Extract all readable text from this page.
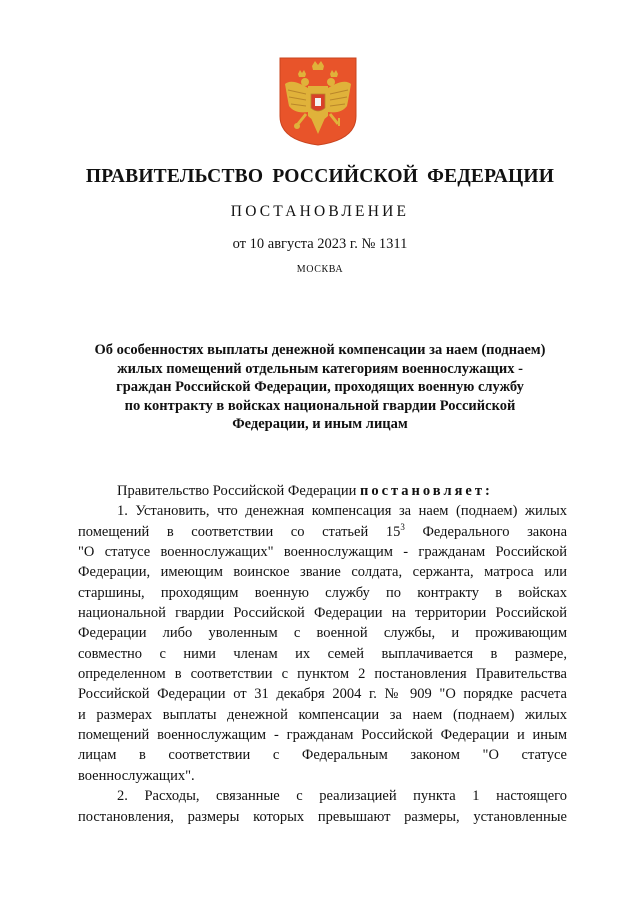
ПРАВИТЕЛЬСТВО РОССИЙСКОЙ ФЕДЕРАЦИИ
ПОСТАНОВЛЕНИЕ
от 10 августа 2023 г. № 1311
МОСКВА
Об особенностях выплаты денежной компенсации за наем (поднаем)
жилых помещений отдельным категориям военнослужащих -
граждан Российской Федерации, проходящих военную службу
по контракту в войсках национальной гвардии Российской
Федерации, и иным лицам
Правительство Российской Федерации постановляет:
1. Установить, что денежная компенсация за наем (поднаем) жилых
помещений в соответствии со статьей $15^3$ Федерального закона
"О статусе военнослужащих" военнослужащим - гражданам Российской
Федерации, имеющим воинское звание солдата, сержанта, матроса или
старшины, проходящим военную службу по контракту в войсках
национальной гвардии Российской Федерации на территории Российской
Федерации либо уволенным с военной службы, и проживающим
совместно с ними членам их семей выплачивается в размере,
определенном в соответствии с пунктом 2 постановления Правительства
Российской Федерации от 31 декабря 2004 г. № 909 "О порядке расчета
и размерах выплаты денежной компенсации за наем (поднаем) жилых
помещений военнослужащим - гражданам Российской Федерации и иным
лицам в соответствии с Федеральным законом "О статусе
военнослужащих".
2. Расходы, связанные с реализацией пункта 1 настоящего
постановления, размеры которых превышают размеры, установленные
